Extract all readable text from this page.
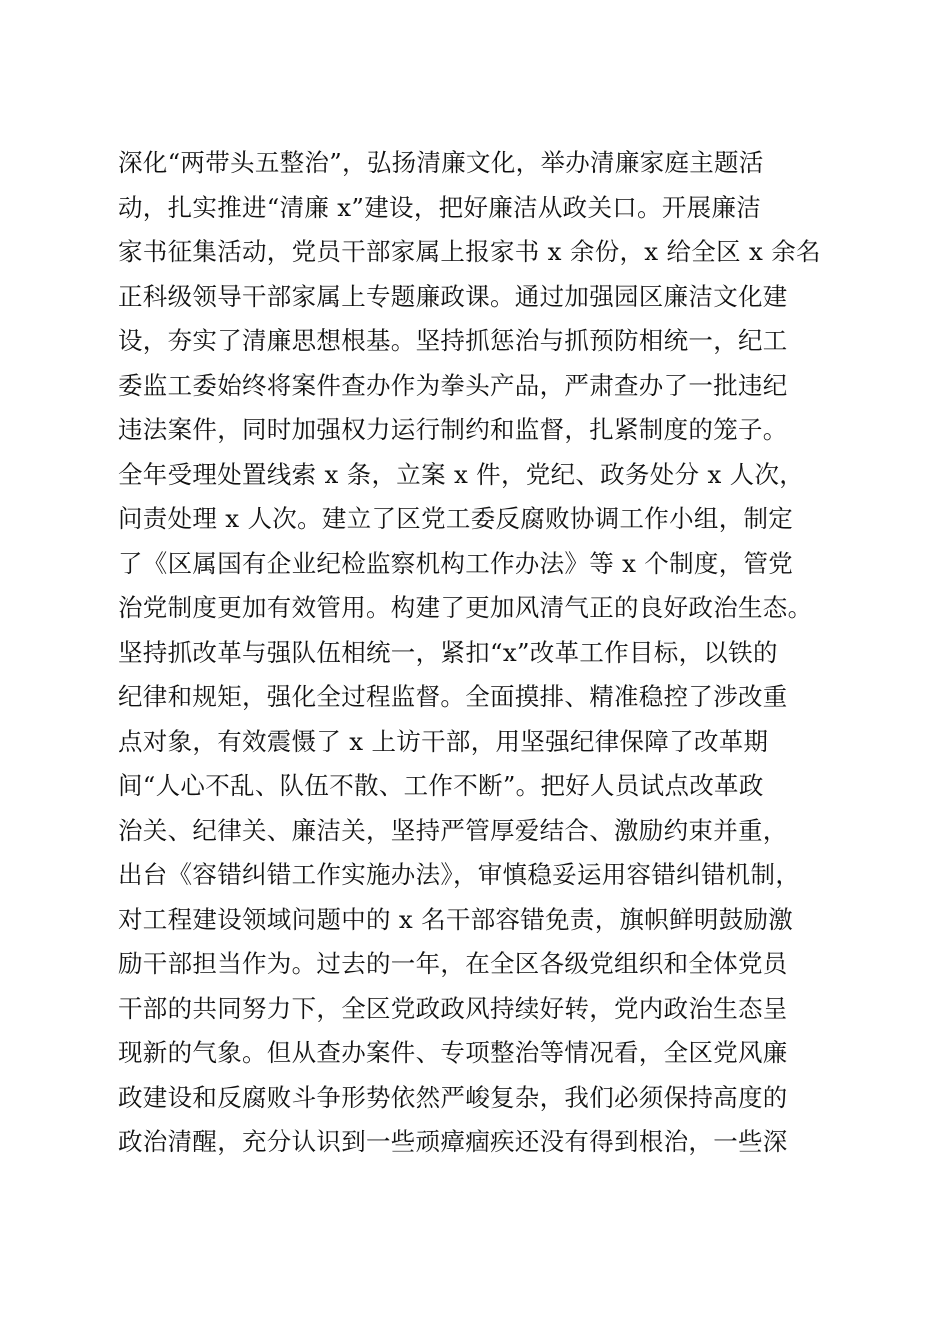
深化“两带头五整治”，弘扬清廉文化，举办清廉家庭主题活
动，扎实推进“清廉 x”建设，把好廉洁从政关口。开展廉洁
家书征集活动，党员干部家属上报家书 x 余份，x 给全区 x 余名
正科级领导干部家属上专题廉政课。通过加强园区廉洁文化建
设，夯实了清廉思想根基。坚持抓惩治与抓预防相统一，纪工
委监工委始终将案件查办作为拳头产品，严肃查办了一批违纪
违法案件，同时加强权力运行制约和监督，扎紧制度的笼子。
全年受理处置线索 x 条，立案 x 件，党纪、政务处分 x 人次，
问责处理 x 人次。建立了区党工委反腐败协调工作小组，制定
了《区属国有企业纪检监察机构工作办法》等 x 个制度，管党
治党制度更加有效管用。构建了更加风清气正的良好政治生态。
坚持抓改革与强队伍相统一，紧扣“x”改革工作目标，以铁的
纪律和规矩，强化全过程监督。全面摸排、精准稳控了涉改重
点对象，有效震慑了 x 上访干部，用坚强纪律保障了改革期
间“人心不乱、队伍不散、工作不断”。把好人员试点改革政
治关、纪律关、廉洁关，坚持严管厚爱结合、激励约束并重，
出台《容错纠错工作实施办法》，审慎稳妥运用容错纠错机制，
对工程建设领域问题中的 x 名干部容错免责，旗帜鲜明鼓励激
励干部担当作为。过去的一年，在全区各级党组织和全体党员
干部的共同努力下，全区党政政风持续好转，党内政治生态呈
现新的气象。但从查办案件、专项整治等情况看，全区党风廉
政建设和反腐败斗争形势依然严峻复杂，我们必须保持高度的
政治清醒，充分认识到一些顽瘴痼疾还没有得到根治，一些深
